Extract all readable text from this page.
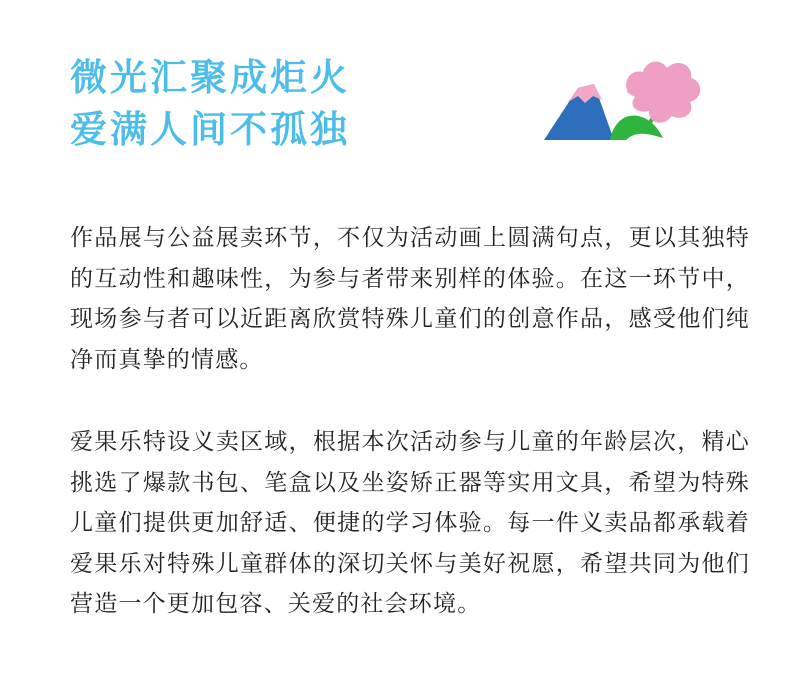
微光汇聚成炬火
爱满人间不孤独

作品展与公益展卖环节，不仅为活动画上圆满句点，更以其独特的互动性和趣味性，为参与者带来别样的体验。在这一环节中，现场参与者可以近距离欣赏特殊儿童们的创意作品，感受他们纯净而真挚的情感。

爱果乐特设义卖区域，根据本次活动参与儿童的年龄层次，精心挑选了爆款书包、笔盒以及坐姿矫正器等实用文具，希望为特殊儿童们提供更加舒适、便捷的学习体验。每一件义卖品都承载着爱果乐对特殊儿童群体的深切关怀与美好祝愿，希望共同为他们营造一个更加包容、关爱的社会环境。
